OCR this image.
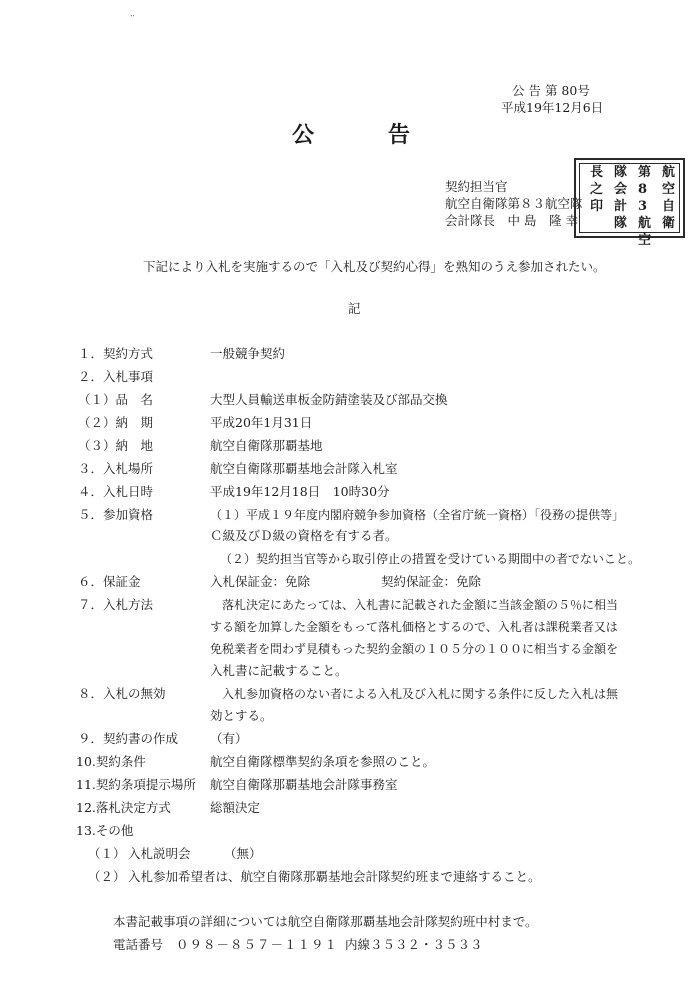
ᐧᐧ
公 告 第 80号
平成19年12月6日
公　　告
契約担当官
航空自衛隊第８３航空隊
会計隊長　中 島　隆 幸
航空自衛
第83航空
隊会計隊
長之印
下記により入札を実施するので「入札及び契約心得」を熟知のうえ参加されたい。
記
１．契約方式	一般競争契約
２．入札事項
（１）品　名	大型人員輸送車板金防錆塗装及び部品交換
（２）納　期	平成20年1月31日
（３）納　地	航空自衛隊那覇基地
３．入札場所	航空自衛隊那覇基地会計隊入札室
４．入札日時	平成19年12月18日　10時30分
５．参加資格	（１）平成１９年度内閣府競争参加資格（全省庁統一資格）「役務の提供等」
Ｃ級及びＤ級の資格を有する者。
（２）契約担当官等から取引停止の措置を受けている期間中の者でないこと。
６．保証金	入札保証金：免除	契約保証金：免除
７．入札方法	落札決定にあたっては、入札書に記載された金額に当該金額の５％に相当
する額を加算した金額をもって落札価格とするので、入札者は課税業者又は
免税業者を問わず見積もった契約金額の１０５分の１００に相当する金額を
入札書に記載すること。
８．入札の無効	入札参加資格のない者による入札及び入札に関する条件に反した入札は無
効とする。
９．契約書の作成	（有）
10.契約条件	航空自衛隊標準契約条項を参照のこと。
11.契約条項提示場所 航空自衛隊那覇基地会計隊事務室
12.落札決定方式	総額決定
13.その他
（１） 入札説明会	（無）
（２） 入札参加希望者は、航空自衛隊那覇基地会計隊契約班まで連絡すること。
本書記載事項の詳細については航空自衛隊那覇基地会計隊契約班中村まで。
電話番号 ０９８－８５７－１１９１ 内線３５３２・３５３３
